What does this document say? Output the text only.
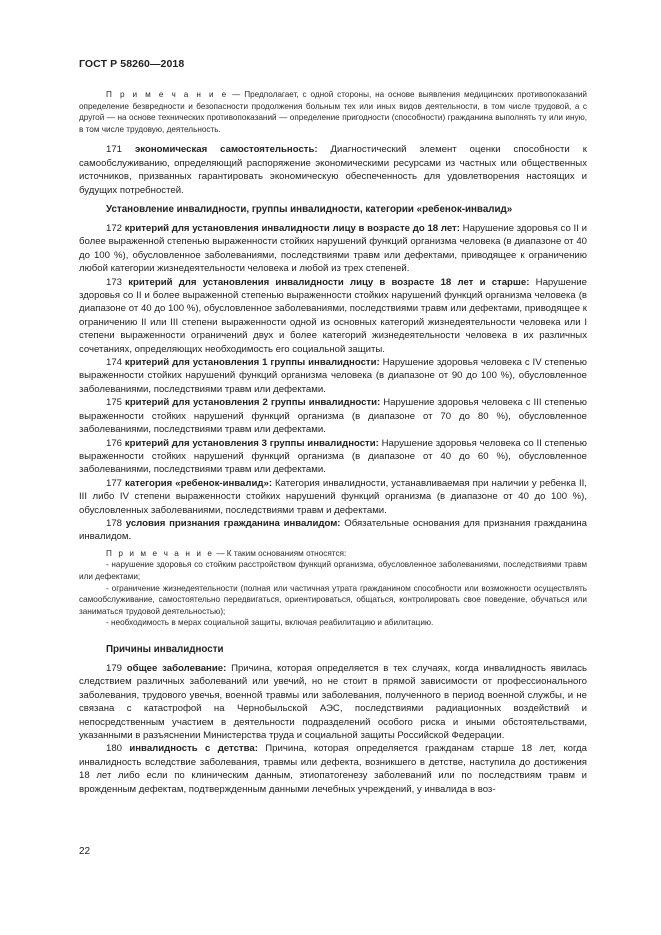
ГОСТ Р 58260—2018

П р и м е ч а н и е — Предполагает, с одной стороны, на основе выявления медицинских противопоказаний определение безвредности и безопасности продолжения больным тех или иных видов деятельности, в том числе трудовой, а с другой — на основе технических противопоказаний — определение пригодности (способности) гражданина выполнять ту или иную, в том числе трудовую, деятельность.

171 экономическая самостоятельность: Диагностический элемент оценки способности к самообслуживанию, определяющий распоряжение экономическими ресурсами из частных или общественных источников, призванных гарантировать экономическую обеспеченность для удовлетворения настоящих и будущих потребностей.

Установление инвалидности, группы инвалидности, категории «ребенок-инвалид»

172 критерий для установления инвалидности лицу в возрасте до 18 лет: Нарушение здоровья со II и более выраженной степенью выраженности стойких нарушений функций организма человека (в диапазоне от 40 до 100 %), обусловленное заболеваниями, последствиями травм или дефектами, приводящее к ограничению любой категории жизнедеятельности человека и любой из трех степеней.

173 критерий для установления инвалидности лицу в возрасте 18 лет и старше: Нарушение здоровья со II и более выраженной степенью выраженности стойких нарушений функций организма человека (в диапазоне от 40 до 100 %), обусловленное заболеваниями, последствиями травм или дефектами, приводящее к ограничению II или III степени выраженности одной из основных категорий жизнедеятельности человека или I степени выраженности ограничений двух и более категорий жизнедеятельности человека в их различных сочетаниях, определяющих необходимость его социальной защиты.

174 критерий для установления 1 группы инвалидности: Нарушение здоровья человека с IV степенью выраженности стойких нарушений функций организма человека (в диапазоне от 90 до 100 %), обусловленное заболеваниями, последствиями травм или дефектами.

175 критерий для установления 2 группы инвалидности: Нарушение здоровья человека с III степенью выраженности стойких нарушений функций организма (в диапазоне от 70 до 80 %), обусловленное заболеваниями, последствиями травм или дефектами.

176 критерий для установления 3 группы инвалидности: Нарушение здоровья человека со II степенью выраженности стойких нарушений функций организма (в диапазоне от 40 до 60 %), обусловленное заболеваниями, последствиями травм или дефектами.

177 категория «ребенок-инвалид»: Категория инвалидности, устанавливаемая при наличии у ребенка II, III либо IV степени выраженности стойких нарушений функций организма (в диапазоне от 40 до 100 %), обусловленных заболеваниями, последствиями травм и дефектами.

178 условия признания гражданина инвалидом: Обязательные основания для признания гражданина инвалидом.

П р и м е ч а н и е — К таким основаниям относятся:

- нарушение здоровья со стойким расстройством функций организма, обусловленное заболеваниями, последствиями травм или дефектами;

- ограничение жизнедеятельности (полная или частичная утрата гражданином способности или возможности осуществлять самообслуживание, самостоятельно передвигаться, ориентироваться, общаться, контролировать свое поведение, обучаться или заниматься трудовой деятельностью);

- необходимость в мерах социальной защиты, включая реабилитацию и абилитацию.

Причины инвалидности

179 общее заболевание: Причина, которая определяется в тех случаях, когда инвалидность явилась следствием различных заболеваний или увечий, но не стоит в прямой зависимости от профессионального заболевания, трудового увечья, военной травмы или заболевания, полученного в период военной службы, и не связана с катастрофой на Чернобыльской АЭС, последствиями радиационных воздействий и непосредственным участием в деятельности подразделений особого риска и иными обстоятельствами, указанными в разъяснении Министерства труда и социальной защиты Российской Федерации.

180 инвалидность с детства: Причина, которая определяется гражданам старше 18 лет, когда инвалидность вследствие заболевания, травмы или дефекта, возникшего в детстве, наступила до достижения 18 лет либо если по клиническим данным, этиопатогенезу заболеваний или по последствиям травм и врожденным дефектам, подтвержденным данными лечебных учреждений, у инвалида в воз-

22
